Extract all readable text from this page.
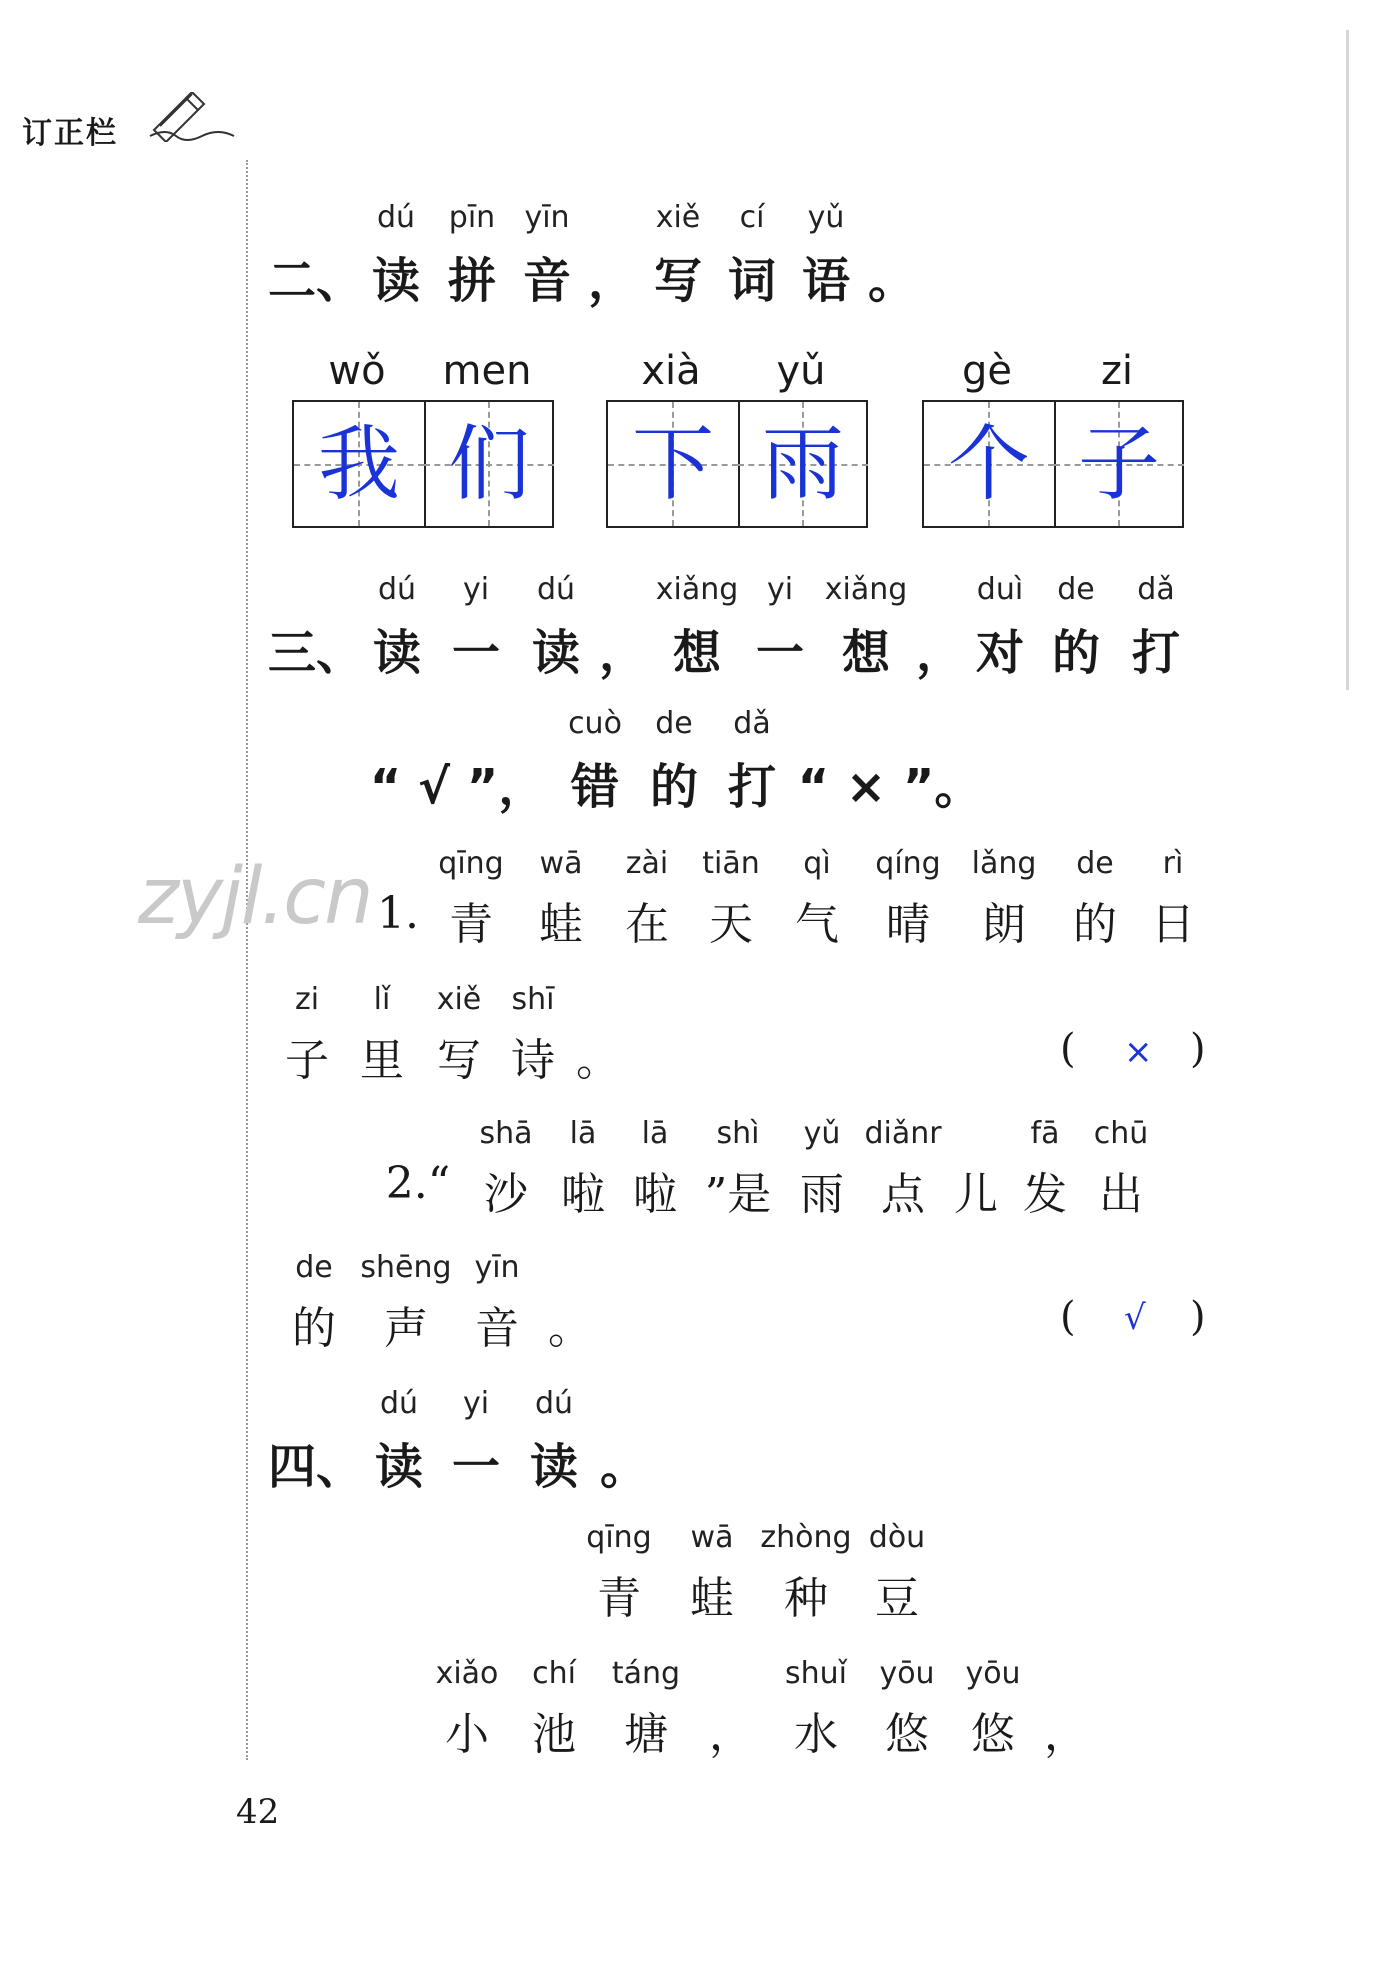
订正栏
zyjl.cn
二、
dú
读
pīn
拼
yīn
音 ，
xiě
写
cí
词
yǔ
语 。
wǒ	men
我 们
xià	yǔ
下 雨
gè	zi
个 子
三、
dú
读
yi
一
dú
读 ，
xiǎng
想
yi
一
xiǎng
想 ，
duì
对
de
的
dǎ
打
“ √ ”，
cuò
错
de
的
dǎ
打 “ × ”。
1.
qīng
青
wā
蛙
zài
在
tiān
天
qì
气
qíng
晴
lǎng
朗
de
的
rì
日
zi
子
lǐ
里
xiě
写
shī
诗 。	( × )
2.“
shā
沙
lā
啦
lā
啦
shì
”是
yǔ
雨
diǎnr
点 儿
fā
发
chū
出
de
的
shēng
声
yīn
音 。	( √ )
四、
dú
读
yi
一
dú
读 。
qīng
青
wā
蛙
zhòng
种
dòu
豆
xiǎo
小
chí
池
táng
塘 ，
shuǐ
水
yōu
悠
yōu
悠 ，
42
